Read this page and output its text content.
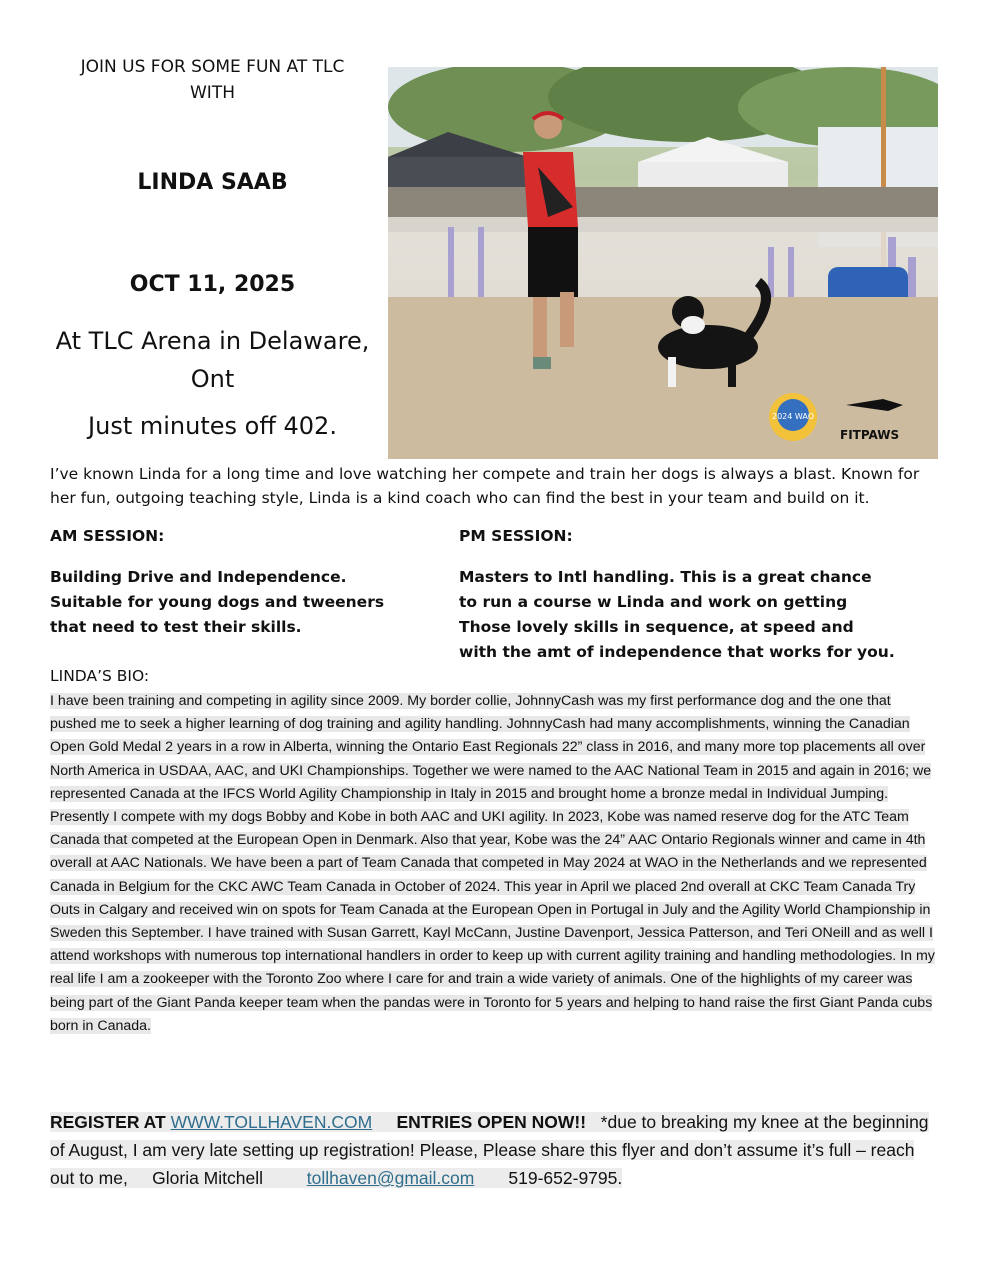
JOIN US FOR SOME FUN AT TLC
WITH
LINDA SAAB
OCT 11, 2025
At TLC Arena in Delaware,
Ont
Just minutes off 402.	2024 WAO
FITPAWS
I’ve known Linda for a long time and love watching her compete and train her dogs is always a blast. Known for her fun, outgoing teaching style, Linda is a kind coach who can find the best in your team and build on it.
AM SESSION:	PM SESSION:
Building Drive and Independence.
Suitable for young dogs and tweeners
that need to test their skills.
Masters to Intl handling. This is a great chance
to run a course w Linda and work on getting
Those lovely skills in sequence, at speed and
with the amt of independence that works for you.
LINDA’S BIO:
I have been training and competing in agility since 2009. My border collie, JohnnyCash was my first performance dog and the one that pushed me to seek a higher learning of dog training and agility handling. JohnnyCash had many accomplishments, winning the Canadian Open Gold Medal 2 years in a row in Alberta, winning the Ontario East Regionals 22” class in 2016, and many more top placements all over North America in USDAA, AAC, and UKI Championships. Together we were named to the AAC National Team in 2015 and again in 2016; we represented Canada at the IFCS World Agility Championship in Italy in 2015 and brought home a bronze medal in Individual Jumping. Presently I compete with my dogs Bobby and Kobe in both AAC and UKI agility. In 2023, Kobe was named reserve dog for the ATC Team Canada that competed at the European Open in Denmark. Also that year, Kobe was the 24” AAC Ontario Regionals winner and came in 4th overall at AAC Nationals. We have been a part of Team Canada that competed in May 2024 at WAO in the Netherlands and we represented Canada in Belgium for the CKC AWC Team Canada in October of 2024. This year in April we placed 2nd overall at CKC Team Canada Try Outs in Calgary and received win on spots for Team Canada at the European Open in Portugal in July and the Agility World Championship in Sweden this September. I have trained with Susan Garrett, Kayl McCann, Justine Davenport, Jessica Patterson, and Teri ONeill and as well I attend workshops with numerous top international handlers in order to keep up with current agility training and handling methodologies. In my real life I am a zookeeper with the Toronto Zoo where I care for and train a wide variety of animals. One of the highlights of my career was being part of the Giant Panda keeper team when the pandas were in Toronto for 5 years and helping to hand raise the first Giant Panda cubs born in Canada.
REGISTER AT WWW.TOLLHAVEN.COM ENTRIES OPEN NOW!! *due to breaking my knee at the beginning of August, I am very late setting up registration! Please, Please share this flyer and don’t assume it’s full – reach out to me, Gloria Mitchell	tollhaven@gmail.com 519-652-9795.
